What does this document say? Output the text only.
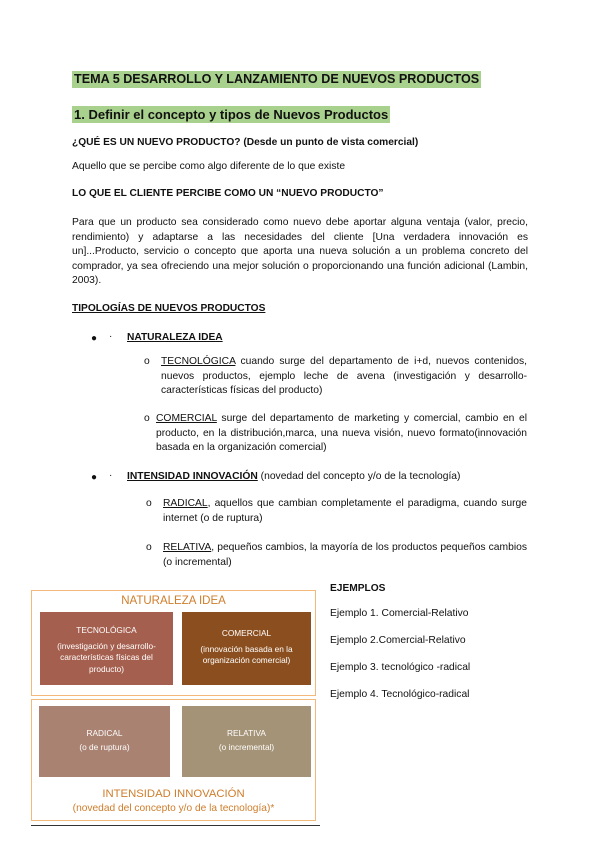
TEMA 5 DESARROLLO Y LANZAMIENTO DE NUEVOS PRODUCTOS
1. Definir el concepto y tipos de Nuevos Productos
¿QUÉ ES UN NUEVO PRODUCTO? (Desde un punto de vista comercial)
Aquello que se percibe como algo diferente de lo que existe
LO QUE EL CLIENTE PERCIBE COMO UN “NUEVO PRODUCTO”
Para que un producto sea considerado como nuevo debe aportar alguna ventaja (valor, precio, rendimiento) y adaptarse a las necesidades del cliente [Una verdadera innovación es un]...Producto, servicio o concepto que aporta una nueva solución a un problema concreto del comprador, ya sea ofreciendo una mejor solución o proporcionando una función adicional (Lambin, 2003).
TIPOLOGÍAS DE NUEVOS PRODUCTOS
● · NATURALEZA IDEA
o TECNOLÓGICA cuando surge del departamento de i+d, nuevos contenidos, nuevos productos, ejemplo leche de avena (investigación y desarrollo- características físicas del producto)
o COMERCIAL surge del departamento de marketing y comercial, cambio en el producto, en la distribución,marca, una nueva visión, nuevo formato(innovación basada en la organización comercial)
● · INTENSIDAD INNOVACIÓN (novedad del concepto y/o de la tecnología)
o RADICAL, aquellos que cambian completamente el paradigma, cuando surge internet (o de ruptura)
o RELATIVA, pequeños cambios, la mayoría de los productos pequeños cambios (o incremental)
NATURALEZA IDEA
TECNOLÓGICA
(investigación y desarrollo- características físicas del producto)
COMERCIAL
(innovación basada en la organización comercial)
RADICAL
(o de ruptura)
RELATIVA
(o incremental)
INTENSIDAD INNOVACIÓN
(novedad del concepto y/o de la tecnología)*
EJEMPLOS
Ejemplo 1. Comercial-Relativo
Ejemplo 2.Comercial-Relativo
Ejemplo 3. tecnológico -radical
Ejemplo 4. Tecnológico-radical
